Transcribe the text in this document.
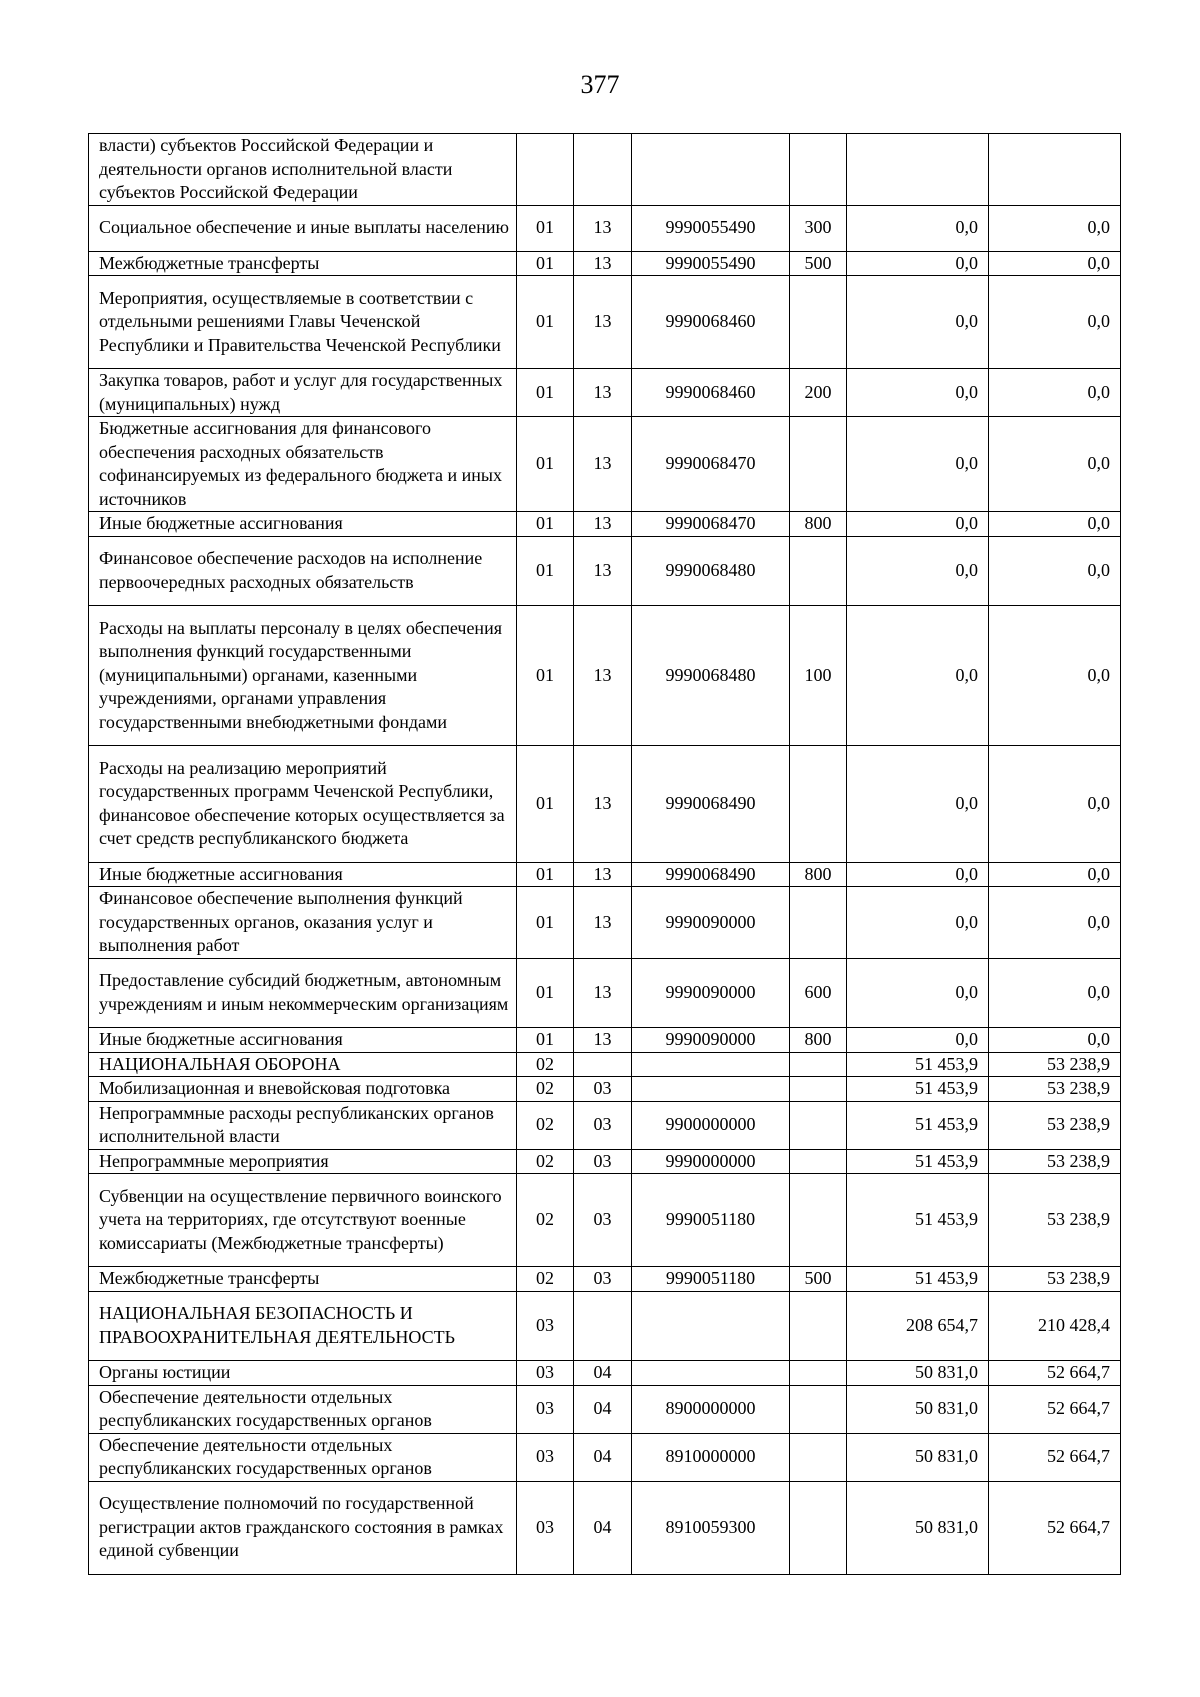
377
власти) субъектов Российской Федерации и деятельности органов исполнительной власти субъектов Российской Федерации						
Социальное обеспечение и иные выплаты населению	01	13	9990055490	300	0,0	0,0
Межбюджетные трансферты	01	13	9990055490	500	0,0	0,0
Мероприятия, осуществляемые в соответствии с отдельными решениями Главы Чеченской Республики и Правительства Чеченской Республики	01	13	9990068460		0,0	0,0
Закупка товаров, работ и услуг для государственных (муниципальных) нужд	01	13	9990068460	200	0,0	0,0
Бюджетные ассигнования для финансового обеспечения расходных обязательств софинансируемых из федерального бюджета и иных источников	01	13	9990068470		0,0	0,0
Иные бюджетные ассигнования	01	13	9990068470	800	0,0	0,0
Финансовое обеспечение расходов на исполнение первоочередных расходных обязательств	01	13	9990068480		0,0	0,0
Расходы на выплаты персоналу в целях обеспечения выполнения функций государственными (муниципальными) органами, казенными учреждениями, органами управления государственными внебюджетными фондами	01	13	9990068480	100	0,0	0,0
Расходы на реализацию мероприятий государственных программ Чеченской Республики, финансовое обеспечение которых осуществляется за счет средств республиканского бюджета	01	13	9990068490		0,0	0,0
Иные бюджетные ассигнования	01	13	9990068490	800	0,0	0,0
Финансовое обеспечение выполнения функций государственных органов, оказания услуг и выполнения работ	01	13	9990090000		0,0	0,0
Предоставление субсидий бюджетным, автономным учреждениям и иным некоммерческим организациям	01	13	9990090000	600	0,0	0,0
Иные бюджетные ассигнования	01	13	9990090000	800	0,0	0,0
НАЦИОНАЛЬНАЯ ОБОРОНА	02				51 453,9	53 238,9
Мобилизационная и вневойсковая подготовка	02	03			51 453,9	53 238,9
Непрограммные расходы республиканских органов исполнительной власти	02	03	9900000000		51 453,9	53 238,9
Непрограммные мероприятия	02	03	9990000000		51 453,9	53 238,9
Субвенции на осуществление первичного воинского учета на территориях, где отсутствуют военные комиссариаты (Межбюджетные трансферты)	02	03	9990051180		51 453,9	53 238,9
Межбюджетные трансферты	02	03	9990051180	500	51 453,9	53 238,9
НАЦИОНАЛЬНАЯ БЕЗОПАСНОСТЬ И ПРАВООХРАНИТЕЛЬНАЯ ДЕЯТЕЛЬНОСТЬ	03				208 654,7	210 428,4
Органы юстиции	03	04			50 831,0	52 664,7
Обеспечение деятельности отдельных республиканских государственных органов	03	04	8900000000		50 831,0	52 664,7
Обеспечение деятельности отдельных республиканских государственных органов	03	04	8910000000		50 831,0	52 664,7
Осуществление полномочий по государственной регистрации актов гражданского состояния в рамках единой субвенции	03	04	8910059300		50 831,0	52 664,7
